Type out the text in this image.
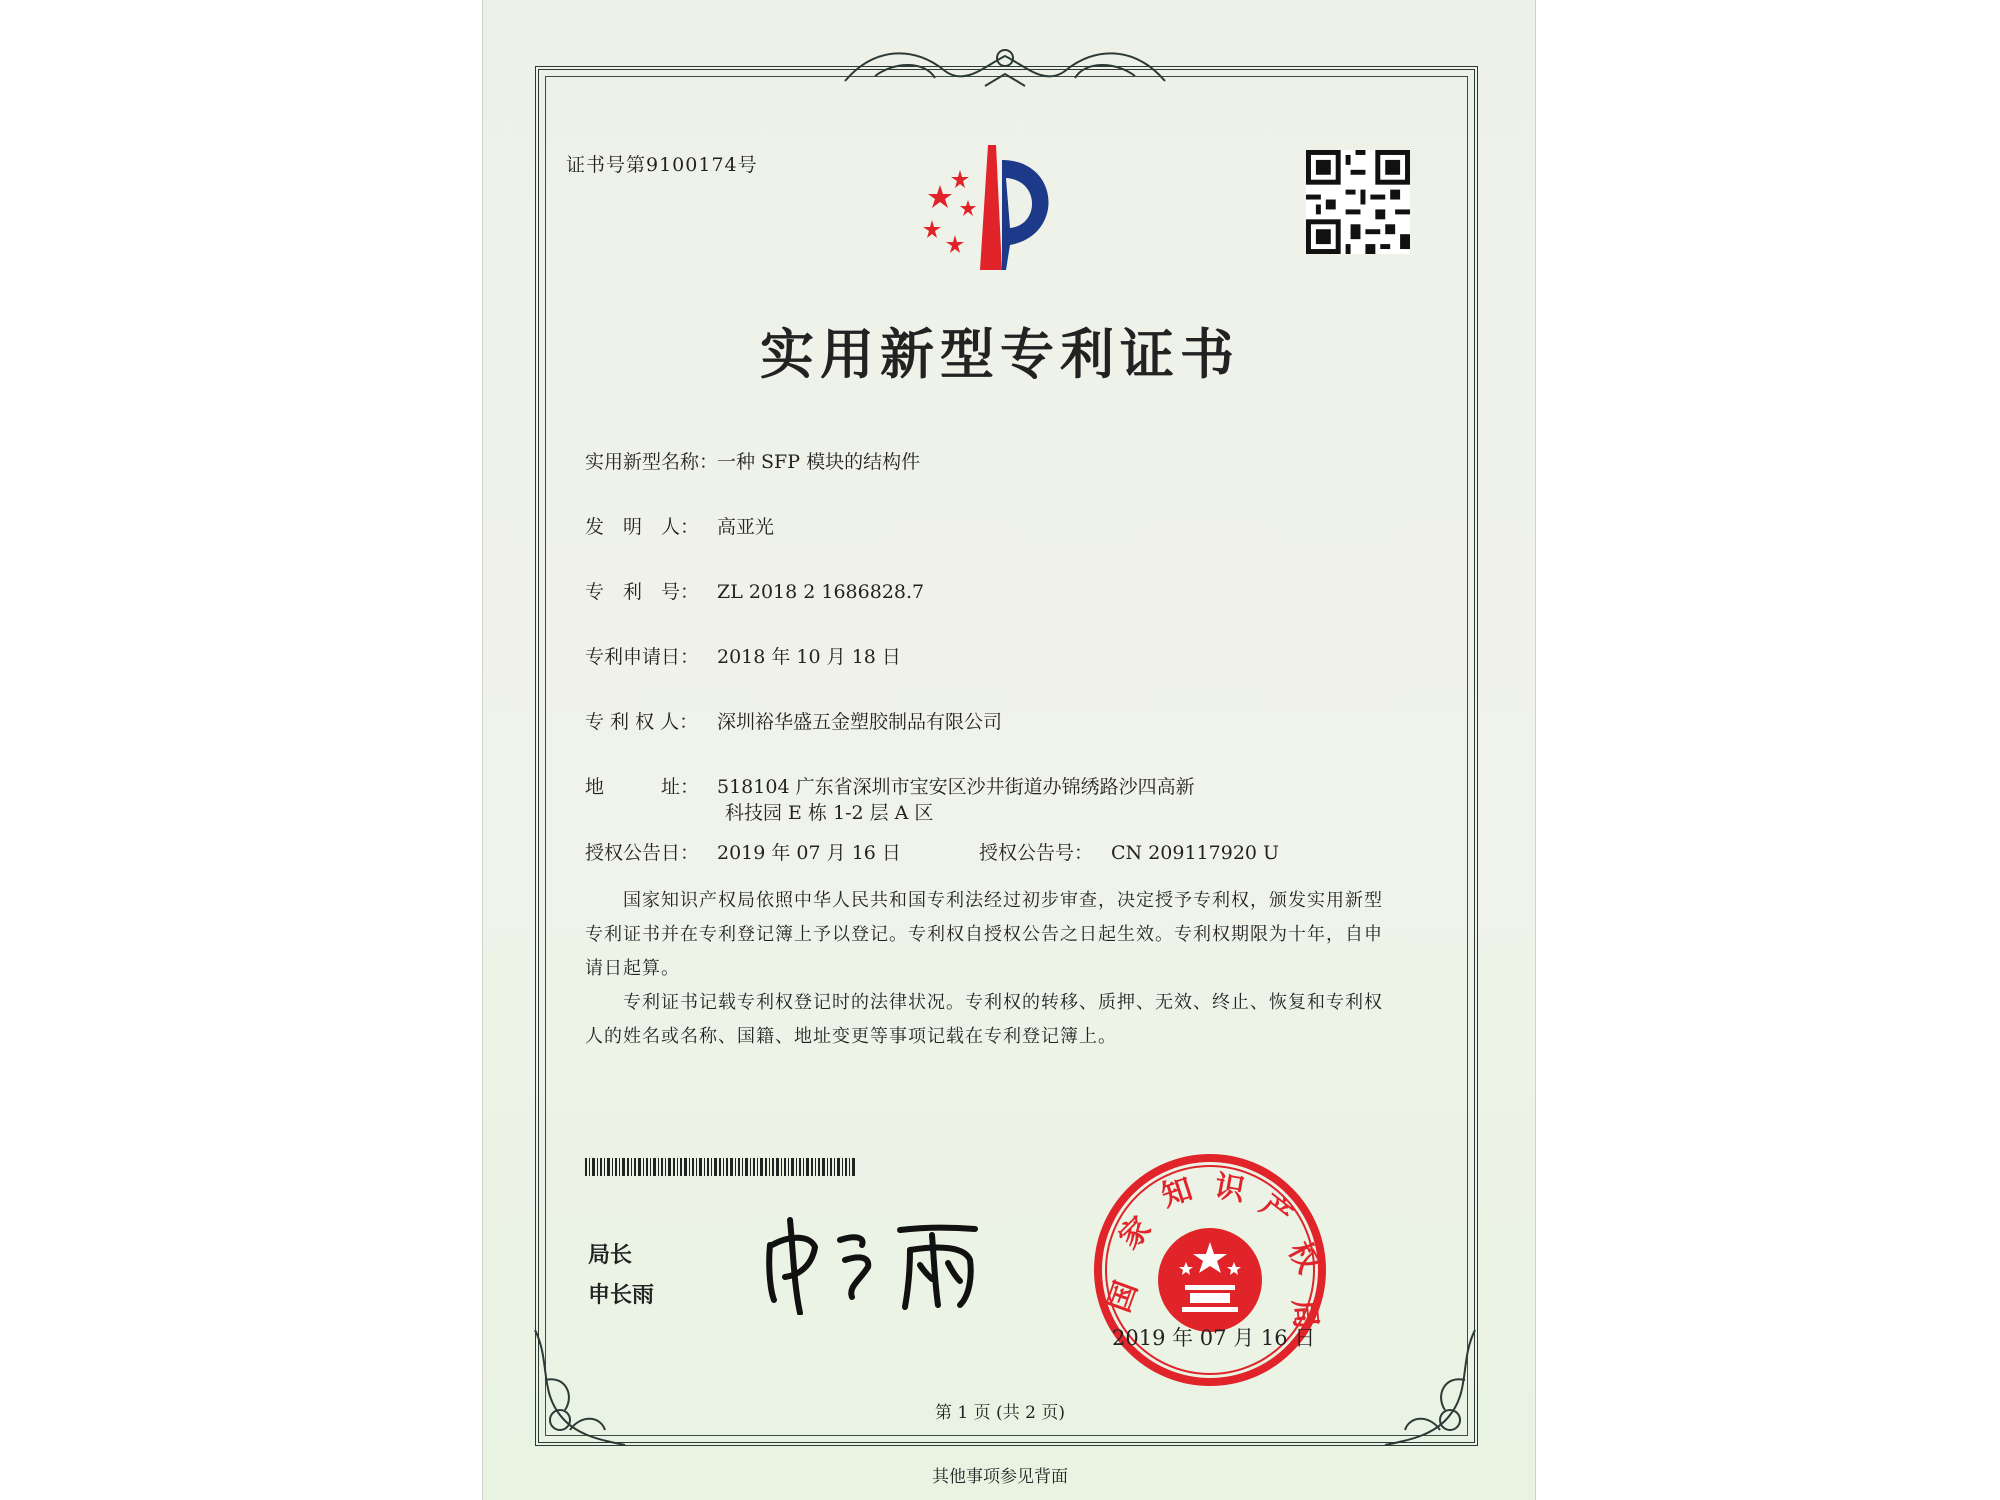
证书号第9100174号
实用新型专利证书
实用新型名称：一种 SFP 模块的结构件
发　明　人： 高亚光
专　利　号： ZL 2018 2 1686828.7
专利申请日： 2018 年 10 月 18 日
专 利 权 人： 深圳裕华盛五金塑胶制品有限公司
地　　　址： 518104 广东省深圳市宝安区沙井街道办锦绣路沙四高新
科技园 E 栋 1-2 层 A 区
授权公告日： 2019 年 07 月 16 日	授权公告号： CN 209117920 U
国家知识产权局依照中华人民共和国专利法经过初步审查，决定授予专利权，颁发实用新型专利证书并在专利登记簿上予以登记。专利权自授权公告之日起生效。专利权期限为十年，自申请日起算。
专利证书记载专利权登记时的法律状况。专利权的转移、质押、无效、终止、恢复和专利权人的姓名或名称、国籍、地址变更等事项记载在专利登记簿上。
局长
申长雨	国
家
知 识 产
权
局
2019 年 07 月 16 日
第 1 页 (共 2 页)
其他事项参见背面
